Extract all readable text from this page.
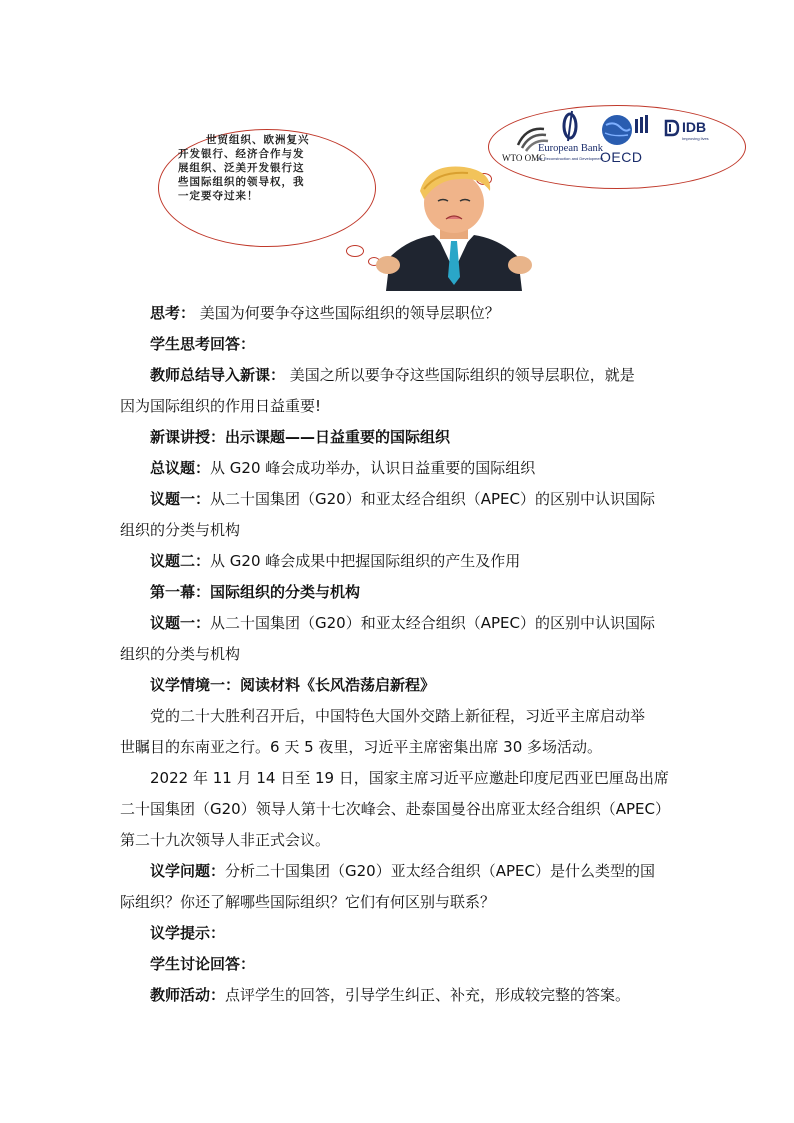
世贸组织、欧洲复兴
开发银行、经济合作与发
展组织、泛美开发银行这
些国际组织的领导权，我
一定要夺过来！
WTO OMC
European Bank
for Reconstruction and Development
OECD
IDB
Improving lives
思考： 美国为何要争夺这些国际组织的领导层职位？
学生思考回答：
教师总结导入新课： 美国之所以要争夺这些国际组织的领导层职位，就是
因为国际组织的作用日益重要!
新课讲授：出示课题——日益重要的国际组织
总议题：从 G20 峰会成功举办，认识日益重要的国际组织
议题一：从二十国集团（G20）和亚太经合组织（APEC）的区别中认识国际
组织的分类与机构
议题二：从 G20 峰会成果中把握国际组织的产生及作用
第一幕：国际组织的分类与机构
议题一：从二十国集团（G20）和亚太经合组织（APEC）的区别中认识国际
组织的分类与机构
议学情境一：阅读材料《长风浩荡启新程》
党的二十大胜利召开后，中国特色大国外交踏上新征程，习近平主席启动举
世瞩目的东南亚之行。6 天 5 夜里，习近平主席密集出席 30 多场活动。
2022 年 11 月 14 日至 19 日，国家主席习近平应邀赴印度尼西亚巴厘岛出席
二十国集团（G20）领导人第十七次峰会、赴泰国曼谷出席亚太经合组织（APEC）
第二十九次领导人非正式会议。
议学问题：分析二十国集团（G20）亚太经合组织（APEC）是什么类型的国
际组织？你还了解哪些国际组织？它们有何区别与联系？
议学提示：
学生讨论回答：
教师活动：点评学生的回答，引导学生纠正、补充，形成较完整的答案。
